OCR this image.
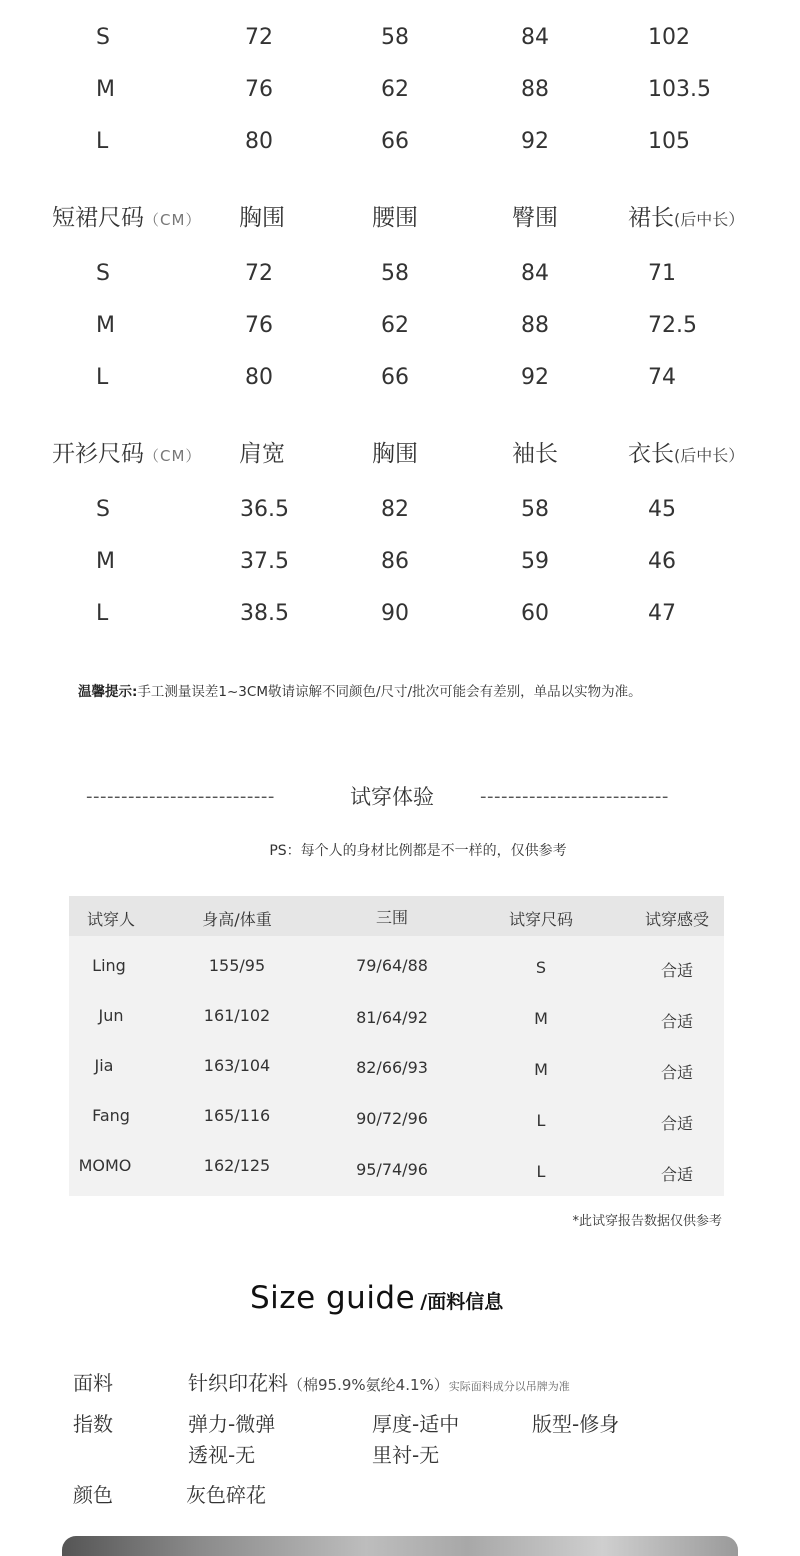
S	72	58	84	102
M	76	62	88	103.5
L	80	66	92	105
短裙尺码（CM） 胸围	腰围	臀围	裙长(后中长）
S	72	58	84	71
M	76	62	88	72.5
L	80	66	92	74
开衫尺码（CM） 肩宽	胸围	袖长	衣长(后中长）
S	36.5	82	58	45
M	37.5	86	59	46
L	38.5	90	60	47
温馨提示:手工测量误差1~3CM敬请谅解不同颜色/尺寸/批次可能会有差别，单品以实物为准。
---------------------------	试穿体验	---------------------------
PS：每个人的身材比例都是不一样的，仅供参考
试穿人	身高/体重	三围	试穿尺码	试穿感受
Ling	155/95	79/64/88	S	合适
Jun	161/102	81/64/92	M	合适
Jia	163/104	82/66/93	M	合适
Fang	165/116	90/72/96	L	合适
MOMO	162/125	95/74/96	L	合适
*此试穿报告数据仅供参考
Size guide /面料信息
面料	针织印花料（棉95.9%氨纶4.1%）实际面料成分以吊牌为准
指数	弹力-微弹	厚度-适中	版型-修身
透视-无	里衬-无
颜色	灰色碎花
